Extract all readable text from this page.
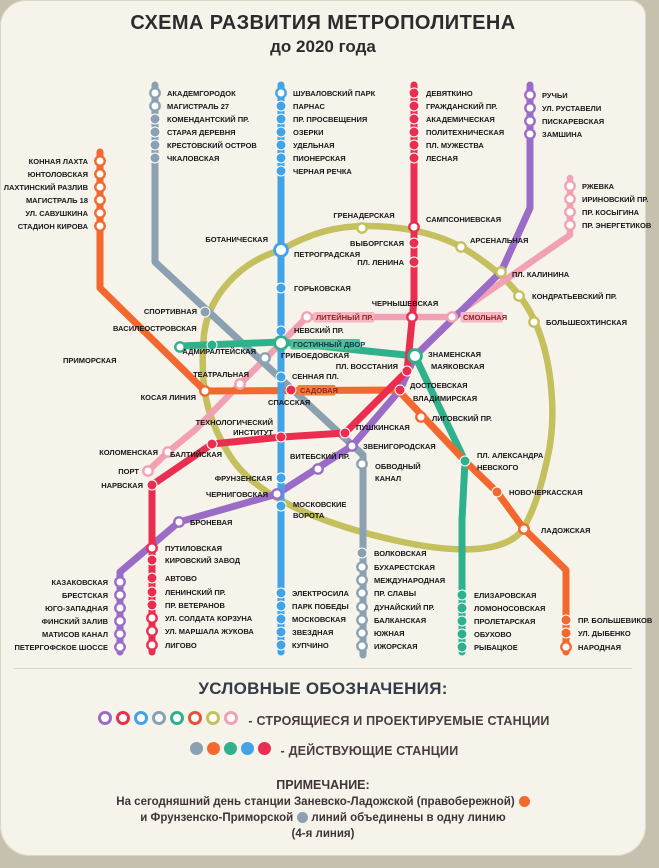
СХЕМА РАЗВИТИЯ МЕТРОПОЛИТЕНА
до 2020 года
АКАДЕМГОРОДОК
МАГИСТРАЛЬ 27
КОМЕНДАНТСКИЙ ПР.
СТАРАЯ ДЕРЕВНЯ
КРЕСТОВСКИЙ ОСТРОВ
ЧКАЛОВСКАЯ
ШУВАЛОВСКИЙ ПАРК
ПАРНАС
ПР. ПРОСВЕЩЕНИЯ
ОЗЕРКИ
УДЕЛЬНАЯ
ПИОНЕРСКАЯ
ЧЕРНАЯ РЕЧКА
ДЕВЯТКИНО
ГРАЖДАНСКИЙ ПР.
АКАДЕМИЧЕСКАЯ
ПОЛИТЕХНИЧЕСКАЯ
ПЛ. МУЖЕСТВА
ЛЕСНАЯ
РУЧЬИ
УЛ. РУСТАВЕЛИ
ПИСКАРЕВСКАЯ
ЗАМШИНА
КОННАЯ ЛАХТА
ЮНТОЛОВСКАЯ
ЛАХТИНСКИЙ РАЗЛИВ
МАГИСТРАЛЬ 18
УЛ. САВУШКИНА
СТАДИОН КИРОВА
РЖЕВКА
ИРИНОВСКИЙ ПР.
ПР. КОСЫГИНА
ПР. ЭНЕРГЕТИКОВ
ГРЕНАДЕРСКАЯ
БОТАНИЧЕСКАЯ
ПЕТРОГРАДСКАЯ
САМПСОНИЕВСКАЯ
ВЫБОРГСКАЯ
ПЛ. ЛЕНИНА
АРСЕНАЛЬНАЯ
ПЛ. КАЛИНИНА
КОНДРАТЬЕВСКИЙ ПР.
БОЛЬШЕОХТИНСКАЯ
ГОРЬКОВСКАЯ
ЧЕРНЫШЕВСКАЯ
ЛИТЕЙНЫЙ ПР.	СМОЛЬНАЯ
НЕВСКИЙ ПР.
ГОСТИННЫЙ ДВОР
ГРИБОЕДОВСКАЯ
СПОРТИВНАЯ
ВАСИЛЕОСТРОВСКАЯ
ПРИМОРСКАЯ
АДМИРАЛТЕЙСКАЯ
ТЕАТРАЛЬНАЯ
КОСАЯ ЛИНИЯ
СЕННАЯ ПЛ.
САДОВАЯ
СПАССКАЯ
ЗНАМЕНСКАЯ
МАЯКОВСКАЯ
ПЛ. ВОССТАНИЯ
ДОСТОЕВСКАЯ
ВЛАДИМИРСКАЯ
ЛИГОВСКИЙ ПР.
ПУШКИНСКАЯ
ЗВЕНИГОРОДСКАЯ
ТЕХНОЛОГИЧЕСКИЙ
ИНСТИТУТ
ВИТЕБСКИЙ ПР.
БАЛТИЙСКАЯ
ОБВОДНЫЙ
КАНАЛ
ФРУНЗЕНСКАЯ
ЧЕРНИГОВСКАЯ
МОСКОВСКИЕ
ВОРОТА
БРОНЕВАЯ
КОЛОМЕНСКАЯ
ПОРТ
НАРВСКАЯ
ПЛ. АЛЕКСАНДРА
НЕВСКОГО
НОВОЧЕРКАССКАЯ
ЛАДОЖСКАЯ
ПУТИЛОВСКАЯ
КИРОВСКИЙ ЗАВОД
АВТОВО
ЛЕНИНСКИЙ ПР.
ПР. ВЕТЕРАНОВ
УЛ. СОЛДАТА КОРЗУНА
УЛ. МАРШАЛА ЖУКОВА
ЛИГОВО
КАЗАКОВСКАЯ
БРЕСТСКАЯ
ЮГО-ЗАПАДНАЯ
ФИНСКИЙ ЗАЛИВ
МАТИСОВ КАНАЛ
ПЕТЕРГОФСКОЕ ШОССЕ
ЭЛЕКТРОСИЛА
ПАРК ПОБЕДЫ
МОСКОВСКАЯ
ЗВЕЗДНАЯ
КУПЧИНО
ВОЛКОВСКАЯ
БУХАРЕСТСКАЯ
МЕЖДУНАРОДНАЯ
ПР. СЛАВЫ
ДУНАЙСКИЙ ПР.
БАЛКАНСКАЯ
ЮЖНАЯ
ИЖОРСКАЯ
ЕЛИЗАРОВСКАЯ
ЛОМОНОСОВСКАЯ
ПРОЛЕТАРСКАЯ
ОБУХОВО
РЫБАЦКОЕ
ПР. БОЛЬШЕВИКОВ
УЛ. ДЫБЕНКО
НАРОДНАЯ
УСЛОВНЫЕ ОБОЗНАЧЕНИЯ:
- СТРОЯЩИЕСЯ И ПРОЕКТИРУЕМЫЕ СТАНЦИИ
- ДЕЙСТВУЮЩИЕ СТАНЦИИ
ПРИМЕЧАНИЕ:
На сегодняшний день станции Заневско-Ладожской (правобережной)
и Фрунзенско-Приморской линий объединены в одну линию
(4-я линия)
